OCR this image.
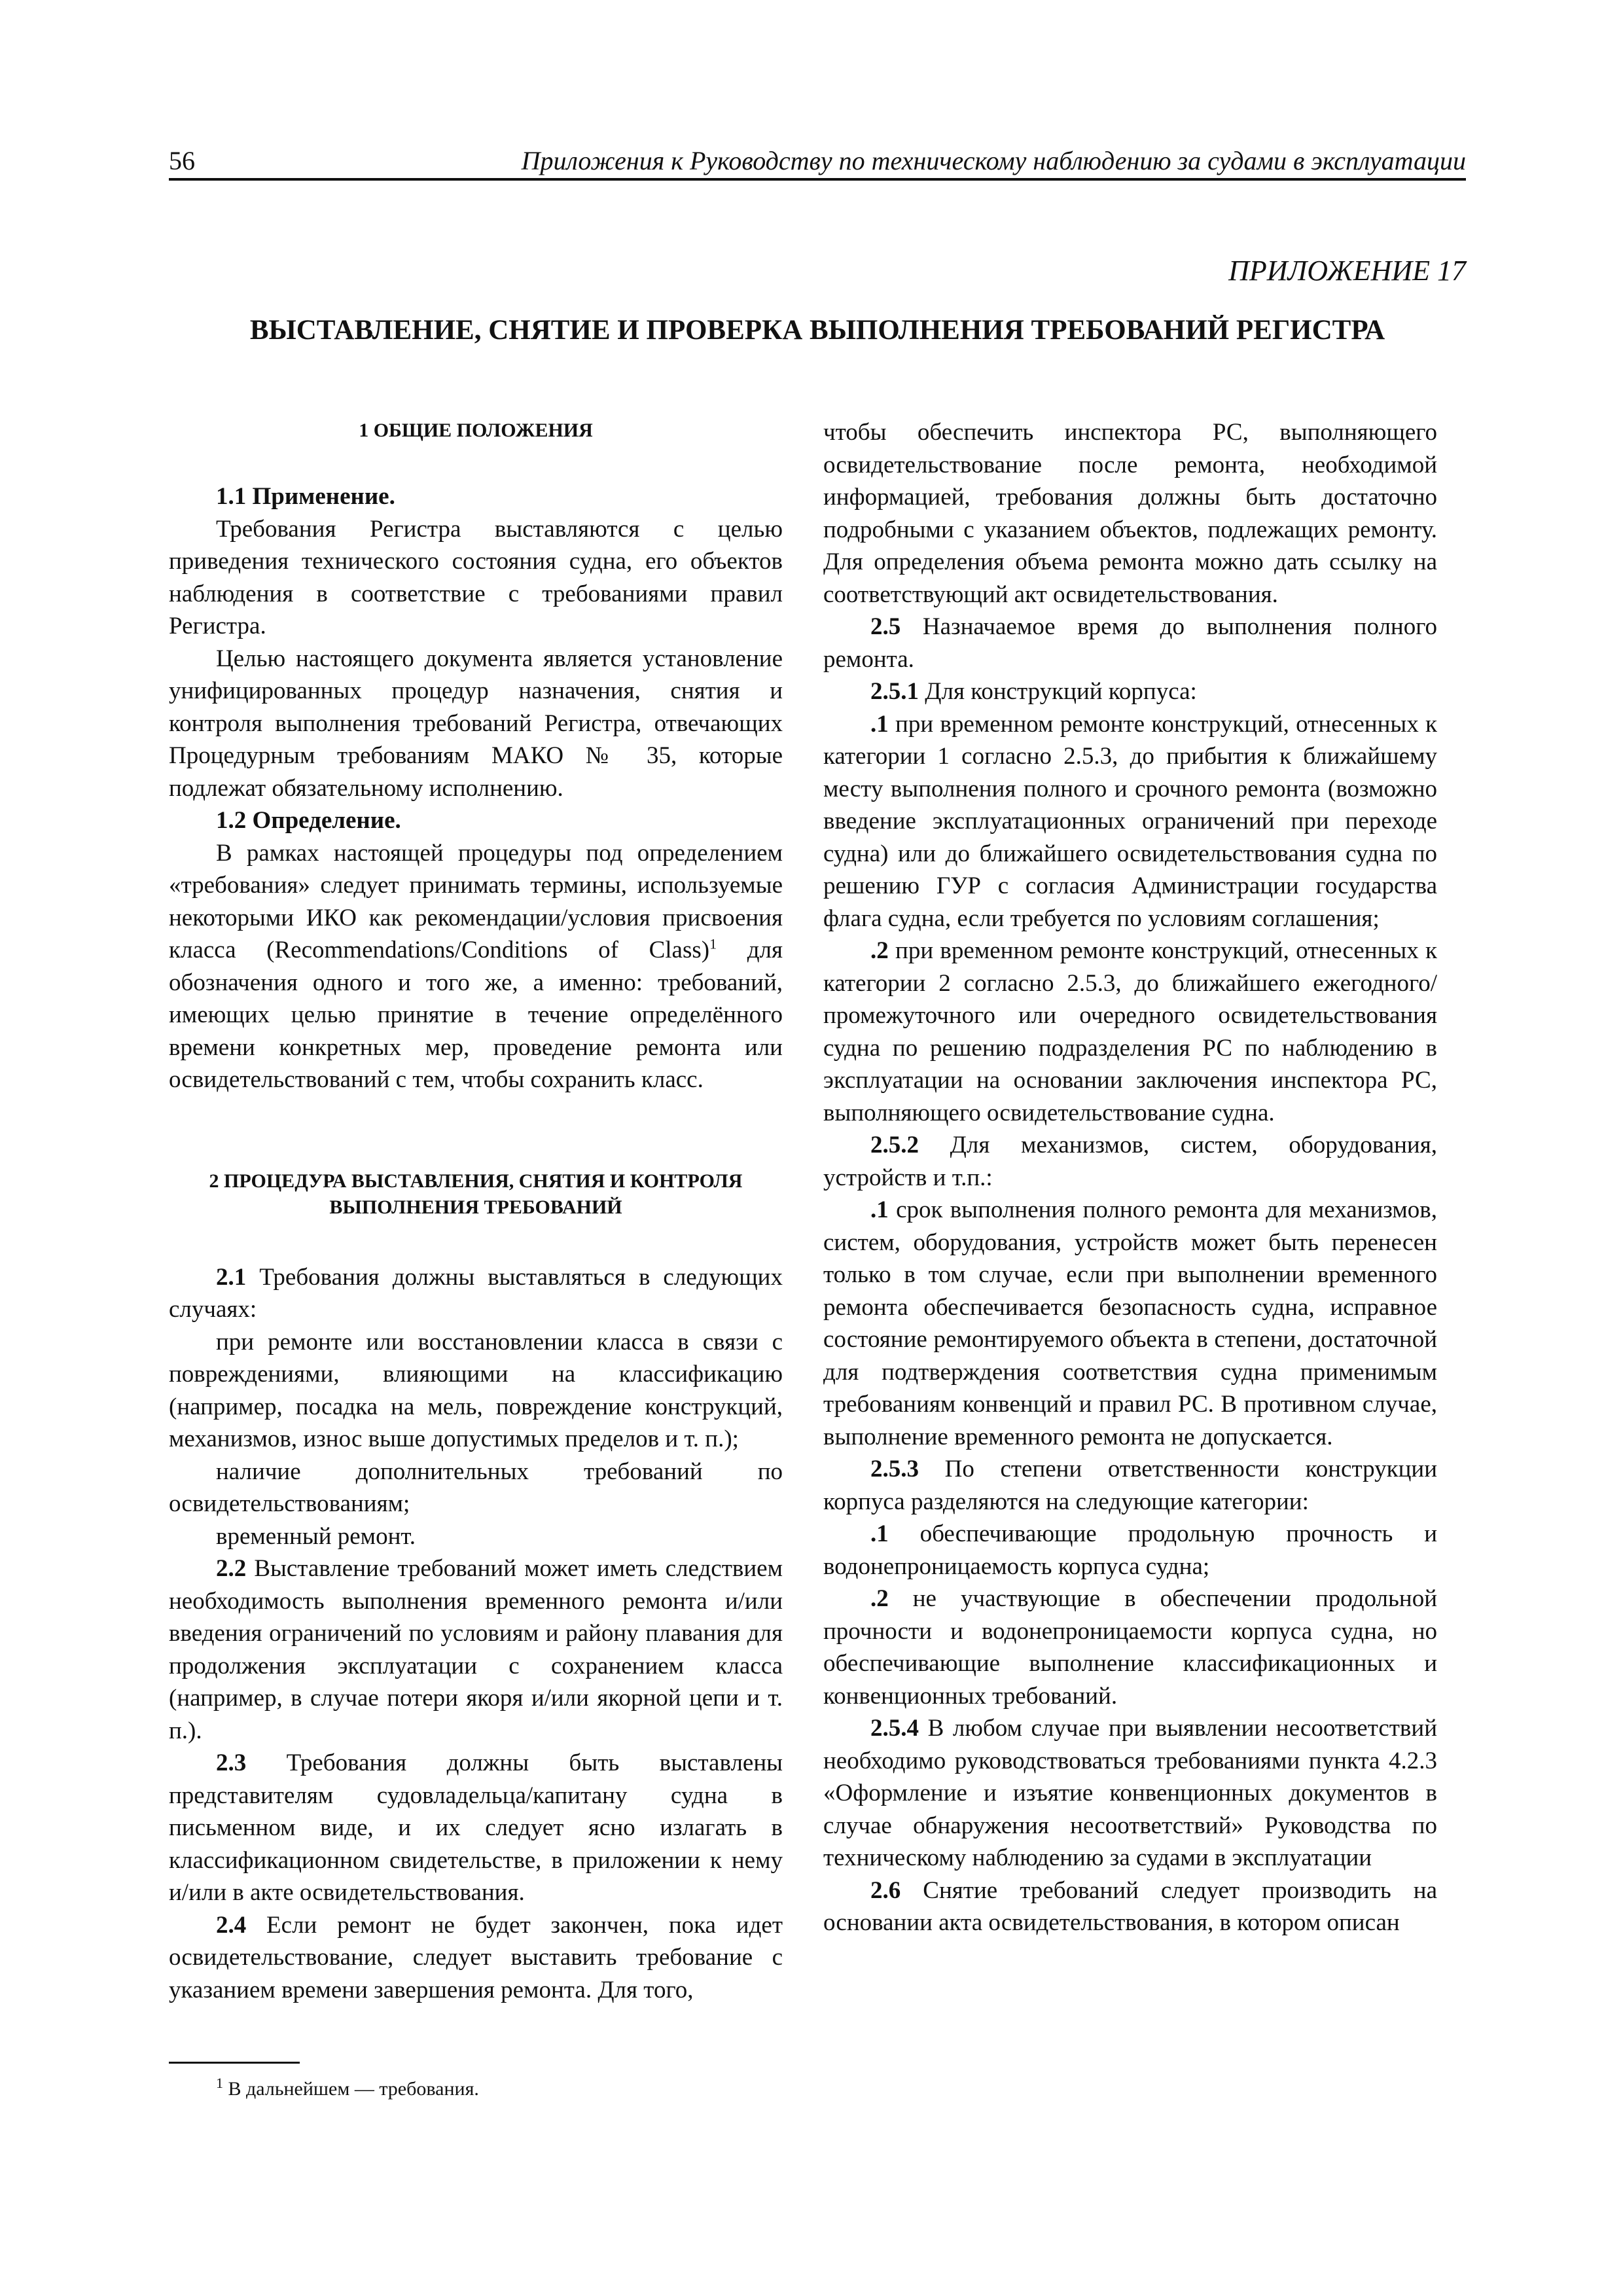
56	Приложения к Руководству по техническому наблюдению за судами в эксплуатации
ПРИЛОЖЕНИЕ 17
ВЫСТАВЛЕНИЕ, СНЯТИЕ И ПРОВЕРКА ВЫПОЛНЕНИЯ ТРЕБОВАНИЙ РЕГИСТРА
1 ОБЩИЕ ПОЛОЖЕНИЯ

1.1 Применение.

Требования Регистра выставляются с целью приведения технического состояния судна, его объектов наблюдения в соответствие с требованиями правил Регистра.

Целью настоящего документа является установление унифицированных процедур назначения, снятия и контроля выполнения требований Регистра, отвечающих Процедурным требованиям МАКО № 35, которые подлежат обязательному исполнению.

1.2 Определение.

В рамках настоящей процедуры под определением «требования» следует принимать термины, используемые некоторыми ИКО как рекомендации/условия присвоения класса (Recommendations/Conditions of Class)$^1$ для обозначения одного и того же, а именно: требований, имеющих целью принятие в течение определённого времени конкретных мер, проведение ремонта или освидетельствований с тем, чтобы сохранить класс.

2 ПРОЦЕДУРА ВЫСТАВЛЕНИЯ, СНЯТИЯ И КОНТРОЛЯ ВЫПОЛНЕНИЯ ТРЕБОВАНИЙ

2.1 Требования должны выставляться в следующих случаях:

при ремонте или восстановлении класса в связи с повреждениями, влияющими на классификацию (например, посадка на мель, повреждение конструкций, механизмов, износ выше допустимых пределов и т. п.);

наличие дополнительных требований по освидетельствованиям;

временный ремонт.

2.2 Выставление требований может иметь следствием необходимость выполнения временного ремонта и/или введения ограничений по условиям и району плавания для продолжения эксплуатации с сохранением класса (например, в случае потери якоря и/или якорной цепи и т. п.).

2.3 Требования должны быть выставлены представителям судовладельца/капитану судна в письменном виде, и их следует ясно излагать в классификационном свидетельстве, в приложении к нему и/или в акте освидетельствования.

2.4 Если ремонт не будет закончен, пока идет освидетельствование, следует выставить требование с указанием времени завершения ремонта. Для того,

чтобы обеспечить инспектора РС, выполняющего освидетельствование после ремонта, необходимой информацией, требования должны быть достаточно подробными с указанием объектов, подлежащих ремонту. Для определения объема ремонта можно дать ссылку на соответствующий акт освидетельствования.

2.5 Назначаемое время до выполнения полного ремонта.

2.5.1 Для конструкций корпуса:

.1 при временном ремонте конструкций, отнесенных к категории 1 согласно 2.5.3, до прибытия к ближайшему месту выполнения полного и срочного ремонта (возможно введение эксплуатационных ограничений при переходе судна) или до ближайшего освидетельствования судна по решению ГУР с согласия Администрации государства флага судна, если требуется по условиям соглашения;

.2 при временном ремонте конструкций, отнесенных к категории 2 согласно 2.5.3, до ближайшего ежегодного/промежуточного или очередного освидетельствования судна по решению подразделения РС по наблюдению в эксплуатации на основании заключения инспектора РС, выполняющего освидетельствование судна.

2.5.2 Для механизмов, систем, оборудования, устройств и т.п.:

.1 срок выполнения полного ремонта для механизмов, систем, оборудования, устройств может быть перенесен только в том случае, если при выполнении временного ремонта обеспечивается безопасность судна, исправное состояние ремонтируемого объекта в степени, достаточной для подтверждения соответствия судна применимым требованиям конвенций и правил РС. В противном случае, выполнение временного ремонта не допускается.

2.5.3 По степени ответственности конструкции корпуса разделяются на следующие категории:

.1 обеспечивающие продольную прочность и водонепроницаемость корпуса судна;

.2 не участвующие в обеспечении продольной прочности и водонепроницаемости корпуса судна, но обеспечивающие выполнение классификационных и конвенционных требований.

2.5.4 В любом случае при выявлении несоответствий необходимо руководствоваться требованиями пункта 4.2.3 «Оформление и изъятие конвенционных документов в случае обнаружения несоответствий» Руководства по техническому наблюдению за судами в эксплуатации

2.6 Снятие требований следует производить на основании акта освидетельствования, в котором описан

$^1$ В дальнейшем — требования.
